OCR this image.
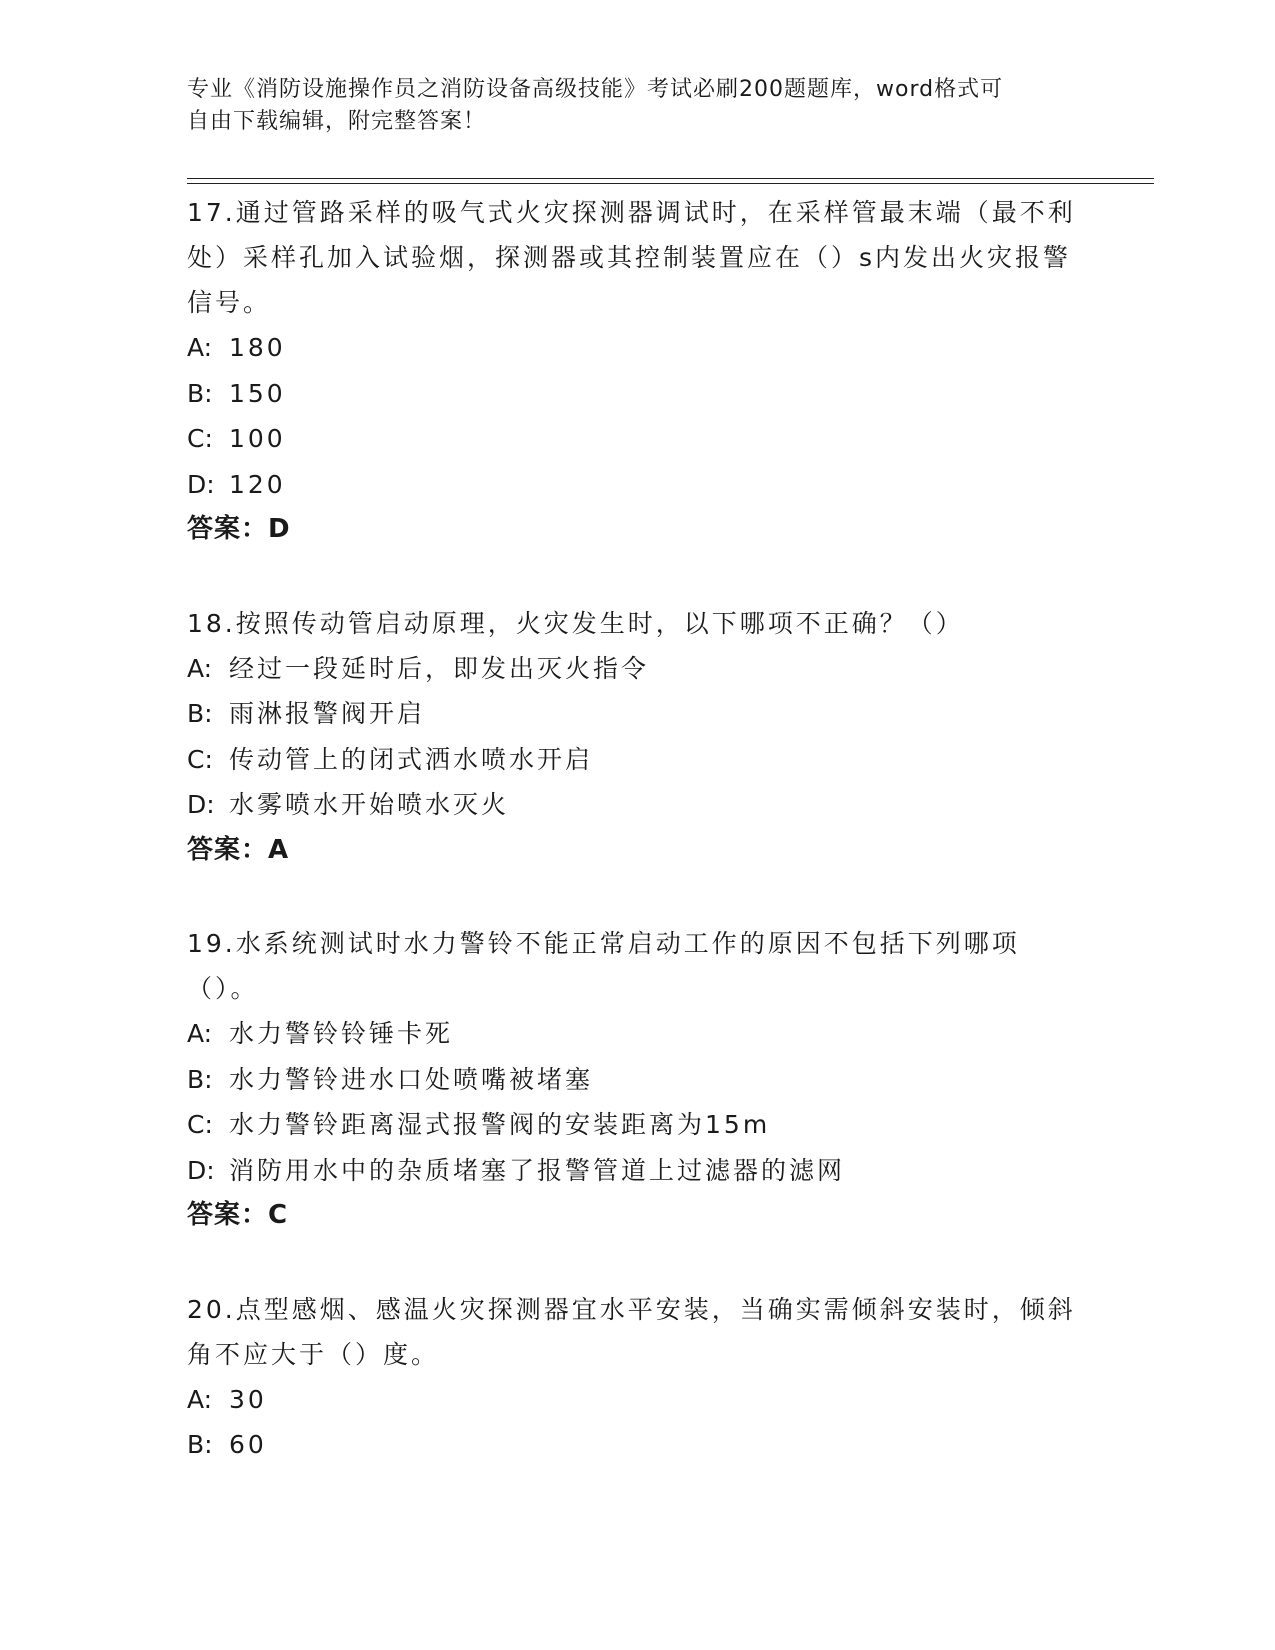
专业《消防设施操作员之消防设备高级技能》考试必刷200题题库，word格式可
自由下载编辑，附完整答案！
17.通过管路采样的吸气式火灾探测器调试时，在采样管最末端（最不利处）采样孔加入试验烟，探测器或其控制装置应在（）s内发出火灾报警信号。
A: 180
B: 150
C: 100
D: 120
答案：D
18.按照传动管启动原理，火灾发生时，以下哪项不正确？（）
A: 经过一段延时后，即发出灭火指令
B: 雨淋报警阀开启
C: 传动管上的闭式洒水喷水开启
D: 水雾喷水开始喷水灭火
答案：A
19.水系统测试时水力警铃不能正常启动工作的原因不包括下列哪项（）。
A: 水力警铃铃锤卡死
B: 水力警铃进水口处喷嘴被堵塞
C: 水力警铃距离湿式报警阀的安装距离为15m
D: 消防用水中的杂质堵塞了报警管道上过滤器的滤网
答案：C
20.点型感烟、感温火灾探测器宜水平安装，当确实需倾斜安装时，倾斜角不应大于（）度。
A: 30
B: 60
